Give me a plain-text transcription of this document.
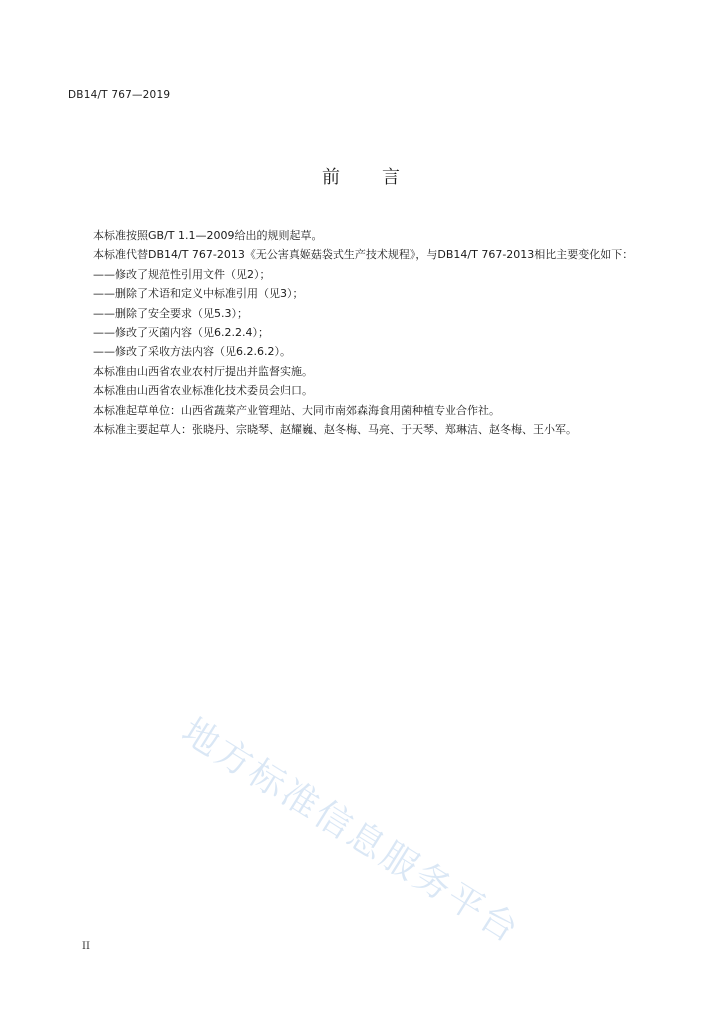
DB14/T 767—2019
前 言

本标准按照GB/T 1.1—2009给出的规则起草。

本标准代替DB14/T 767-2013《无公害真姬菇袋式生产技术规程》，与DB14/T 767-2013相比主要变化如下：

——修改了规范性引用文件（见2）；

——删除了术语和定义中标准引用（见3）；

——删除了安全要求（见5.3）；

——修改了灭菌内容（见6.2.2.4）；

——修改了采收方法内容（见6.2.6.2）。

本标准由山西省农业农村厅提出并监督实施。

本标准由山西省农业标准化技术委员会归口。

本标准起草单位：山西省蔬菜产业管理站、大同市南郊森海食用菌种植专业合作社。

本标准主要起草人：张晓丹、宗晓琴、赵耀巍、赵冬梅、马亮、于天琴、郑琳洁、赵冬梅、王小军。

地方标准信息服务平台
II
